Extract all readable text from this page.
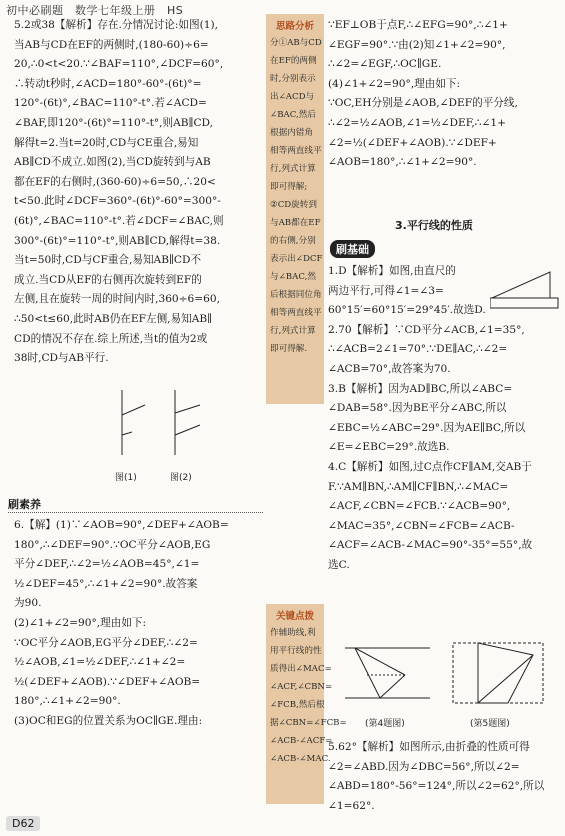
初中必刷题　数学七年级上册　HS

5.2或38【解析】存在.分情况讨论:如图(1),

当AB与CD在EF的两侧时,(180-60)÷6=

20,∴0<t<20.∵∠BAF=110°,∠DCF=60°,

∴转动t秒时,∠ACD=180°-60°-(6t)°=

120°-(6t)°,∠BAC=110°-t°.若∠ACD=

∠BAF,即120°-(6t)°=110°-t°,则AB∥CD,

解得t=2.当t=20时,CD与CE重合,易知

AB∥CD不成立.如图(2),当CD旋转到与AB

都在EF的右侧时,(360-60)÷6=50,∴20<

t<50.此时∠DCF=360°-(6t)°-60°=300°-

(6t)°,∠BAC=110°-t°.若∠DCF=∠BAC,则

300°-(6t)°=110°-t°,则AB∥CD,解得t=38.

当t=50时,CD与CF重合,易知AB∥CD不

成立.当CD从EF的右侧再次旋转到EF的

左侧,且在旋转一周的时间内时,360÷6=60,

∴50<t≤60,此时AB仍在EF左侧,易知AB∥

CD的情况不存在.综上所述,当t的值为2或

38时,CD与AB平行.

图(1)	图(2)
刷素养

6.【解】(1)∵∠AOB=90°,∠DEF+∠AOB=

180°,∴∠DEF=90°.∵OC平分∠AOB,EG

平分∠DEF,∴∠2=½∠AOB=45°,∠1=

½∠DEF=45°,∴∠1+∠2=90°.故答案

为90.

(2)∠1+∠2=90°,理由如下:

∵OC平分∠AOB,EG平分∠DEF,∴∠2=

½∠AOB,∠1=½∠DEF,∴∠1+∠2=

½(∠DEF+∠AOB).∵∠DEF+∠AOB=

180°,∴∠1+∠2=90°.

(3)OC和EG的位置关系为OC∥GE.理由:

思路分析

分①AB与CD

在EF的两侧

时,分别表示

出∠ACD与

∠BAC,然后

根据内错角

相等两直线平

行,列式计算

即可得解;

②CD旋转到

与AB都在EF

的右侧,分别

表示出∠DCF

与∠BAC,然

后根据同位角

相等两直线平

行,列式计算

即可得解.

关键点拨

作辅助线,利

用平行线的性

质得出∠MAC=

∠ACF,∠CBN=

∠FCB,然后根

据∠CBN=∠FCB=

∠ACB-∠ACF=

∠ACB-∠MAC.

∵EF⊥OB于点F,∴∠EFG=90°,∴∠1+

∠EGF=90°.∵由(2)知∠1+∠2=90°,

∴∠2=∠EGF,∴OC∥GE.

(4)∠1+∠2=90°,理由如下:

∵OC,EH分别是∠AOB,∠DEF的平分线,

∴∠2=½∠AOB,∠1=½∠DEF,∴∠1+

∠2=½(∠DEF+∠AOB).∵∠DEF+

∠AOB=180°,∴∠1+∠2=90°.

3.平行线的性质
刷基础

1.D【解析】如图,由直尺的

两边平行,可得∠1=∠3=

60°15′=60°15′=29°45′.故选D.

2.70【解析】∵CD平分∠ACB,∠1=35°,

∴∠ACB=2∠1=70°.∵DE∥AC,∴∠2=

∠ACB=70°,故答案为70.

3.B【解析】因为AD∥BC,所以∠ABC=

∠DAB=58°.因为BE平分∠ABC,所以

∠EBC=½∠ABC=29°.因为AE∥BC,所以

∠E=∠EBC=29°.故选B.

4.C【解析】如图,过C点作CF∥AM,交AB于

F.∵AM∥BN,∴AM∥CF∥BN,∴∠MAC=

∠ACF,∠CBN=∠FCB.∵∠ACB=90°,

∠MAC=35°,∠CBN=∠FCB=∠ACB-

∠ACF=∠ACB-∠MAC=90°-35°=55°,故

选C.

(第4题图)	(第5题图)

5.62°【解析】如图所示,由折叠的性质可得

∠2=∠ABD.因为∠DBC=56°,所以∠2=

∠ABD=180°-56°=124°,所以∠2=62°,所以

∠1=62°.

D62
